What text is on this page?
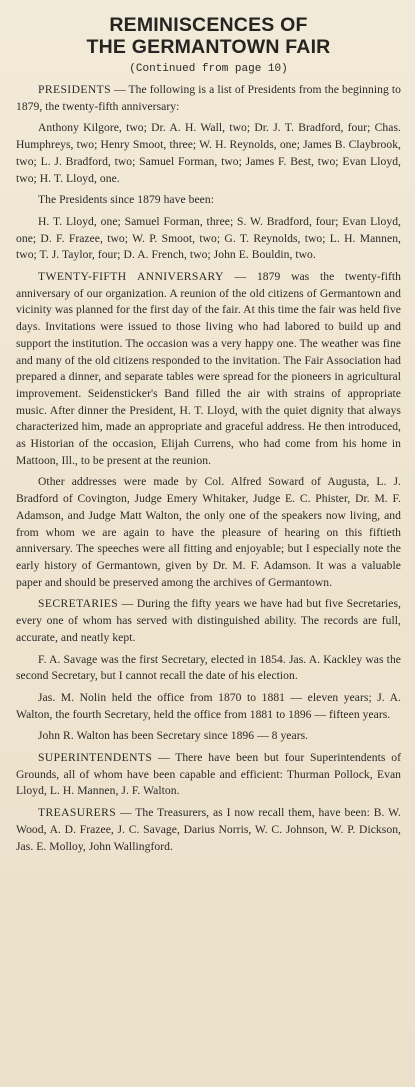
REMINISCENCES OF
THE GERMANTOWN FAIR
(Continued from page 10)

PRESIDENTS — The following is a list of Presidents from the beginning to 1879, the twenty-fifth anniversary:

Anthony Kilgore, two; Dr. A. H. Wall, two; Dr. J. T. Bradford, four; Chas. Humphreys, two; Henry Smoot, three; W. H. Reynolds, one; James B. Claybrook, two; L. J. Bradford, two; Samuel Forman, two; James F. Best, two; Evan Lloyd, two; H. T. Lloyd, one.

The Presidents since 1879 have been:

H. T. Lloyd, one; Samuel Forman, three; S. W. Bradford, four; Evan Lloyd, one; D. F. Frazee, two; W. P. Smoot, two; G. T. Reynolds, two; L. H. Mannen, two; T. J. Taylor, four; D. A. French, two; John E. Bouldin, two.

TWENTY-FIFTH ANNIVERSARY — 1879 was the twenty-fifth anniversary of our organization. A reunion of the old citizens of Germantown and vicinity was planned for the first day of the fair. At this time the fair was held five days. Invitations were issued to those living who had labored to build up and support the institution. The occasion was a very happy one. The weather was fine and many of the old citizens responded to the invitation. The Fair Association had prepared a dinner, and separate tables were spread for the pioneers in agricultural improvement. Seidensticker's Band filled the air with strains of appropriate music. After dinner the President, H. T. Lloyd, with the quiet dignity that always characterized him, made an appropriate and graceful address. He then introduced, as Historian of the occasion, Elijah Currens, who had come from his home in Mattoon, Ill., to be present at the reunion.

Other addresses were made by Col. Alfred Soward of Augusta, L. J. Bradford of Covington, Judge Emery Whitaker, Judge E. C. Phister, Dr. M. F. Adamson, and Judge Matt Walton, the only one of the speakers now living, and from whom we are again to have the pleasure of hearing on this fiftieth anniversary. The speeches were all fitting and enjoyable; but I especially note the early history of Germantown, given by Dr. M. F. Adamson. It was a valuable paper and should be preserved among the archives of Germantown.

SECRETARIES — During the fifty years we have had but five Secretaries, every one of whom has served with distinguished ability. The records are full, accurate, and neatly kept.

F. A. Savage was the first Secretary, elected in 1854. Jas. A. Kackley was the second Secretary, but I cannot recall the date of his election.

Jas. M. Nolin held the office from 1870 to 1881 — eleven years; J. A. Walton, the fourth Secretary, held the office from 1881 to 1896 — fifteen years.

John R. Walton has been Secretary since 1896 — 8 years.

SUPERINTENDENTS — There have been but four Superintendents of Grounds, all of whom have been capable and efficient: Thurman Pollock, Evan Lloyd, L. H. Mannen, J. F. Walton.

TREASURERS — The Treasurers, as I now recall them, have been: B. W. Wood, A. D. Frazee, J. C. Savage, Darius Norris, W. C. Johnson, W. P. Dickson, Jas. E. Molloy, John Wallingford.
